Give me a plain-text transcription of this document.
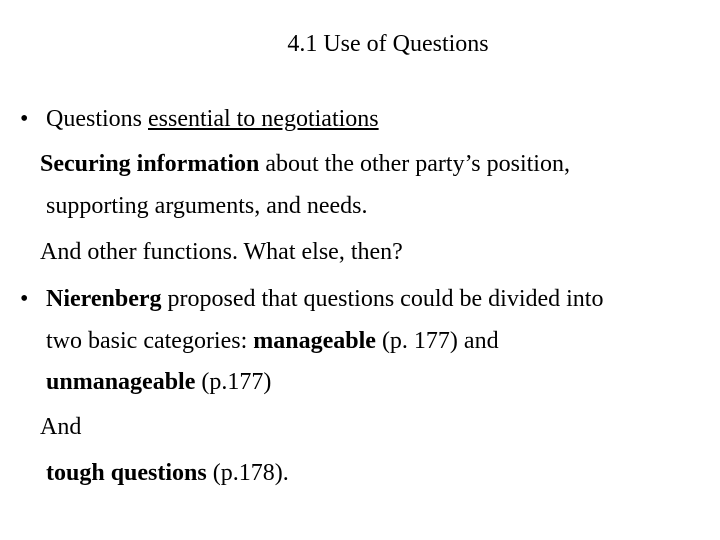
4.1 Use of Questions
• Questions essential to negotiations
Securing information about the other party’s position,
supporting arguments, and needs.
And other functions. What else, then?
• Nierenberg proposed that questions could be divided into
two basic categories: manageable (p. 177) and
unmanageable (p.177)
And
tough questions (p.178).
